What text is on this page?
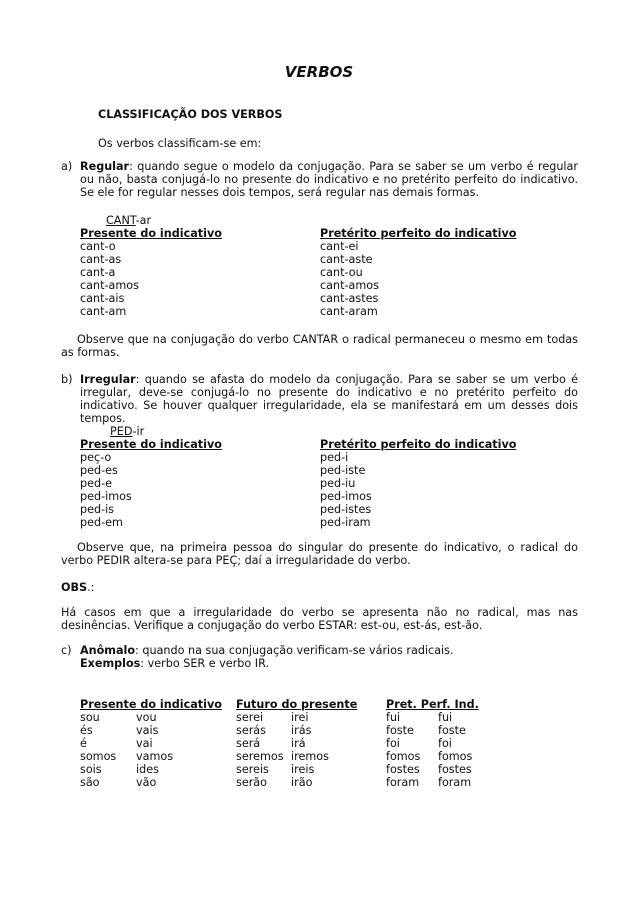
VERBOS
CLASSIFICAÇÃO DOS VERBOS
Os verbos classificam-se em:
a) Regular: quando segue o modelo da conjugação. Para se saber se um verbo é regular ou não, basta conjugá-lo no presente do indicativo e no pretérito perfeito do indicativo. Se ele for regular nesses dois tempos, será regular nas demais formas.
CANT-ar
Presente do indicativo
cant-o
cant-as
cant-a
cant-amos
cant-ais
cant-am
Pretérito perfeito do indicativo
cant-ei
cant-aste
cant-ou
cant-amos
cant-astes
cant-aram
Observe que na conjugação do verbo CANTAR o radical permaneceu o mesmo em todas as formas.
b) Irregular: quando se afasta do modelo da conjugação. Para se saber se um verbo é irregular, deve-se conjugá-lo no presente do indicativo e no pretérito perfeito do indicativo. Se houver qualquer irregularidade, ela se manifestará em um desses dois tempos.
PED-ir
Presente do indicativo
peç-o
ped-es
ped-e
ped-imos
ped-is
ped-em
Pretérito perfeito do indicativo
ped-i
ped-iste
ped-iu
ped-imos
ped-istes
ped-iram
Observe que, na primeira pessoa do singular do presente do indicativo, o radical do verbo PEDIR altera-se para PEÇ; daí a irregularidade do verbo.
OBS.:
Há casos em que a irregularidade do verbo se apresenta não no radical, mas nas desinências. Verifique a conjugação do verbo ESTAR: est-ou, est-ás, est-ão.
c) Anômalo: quando na sua conjugação verificam-se vários radicais.
Exemplos: verbo SER e verbo IR.
Presente do indicativo Futuro do presente	Pret. Perf. Ind.
sou
és
é
somos
sois
são
vou
vais
vai
vamos
ides
vão
serei
serás
será
seremos
sereis
serão
irei
irás
irá
iremos
ireis
irão
fui
foste
foi
fomos
fostes
foram
fui
foste
foi
fomos
fostes
foram
